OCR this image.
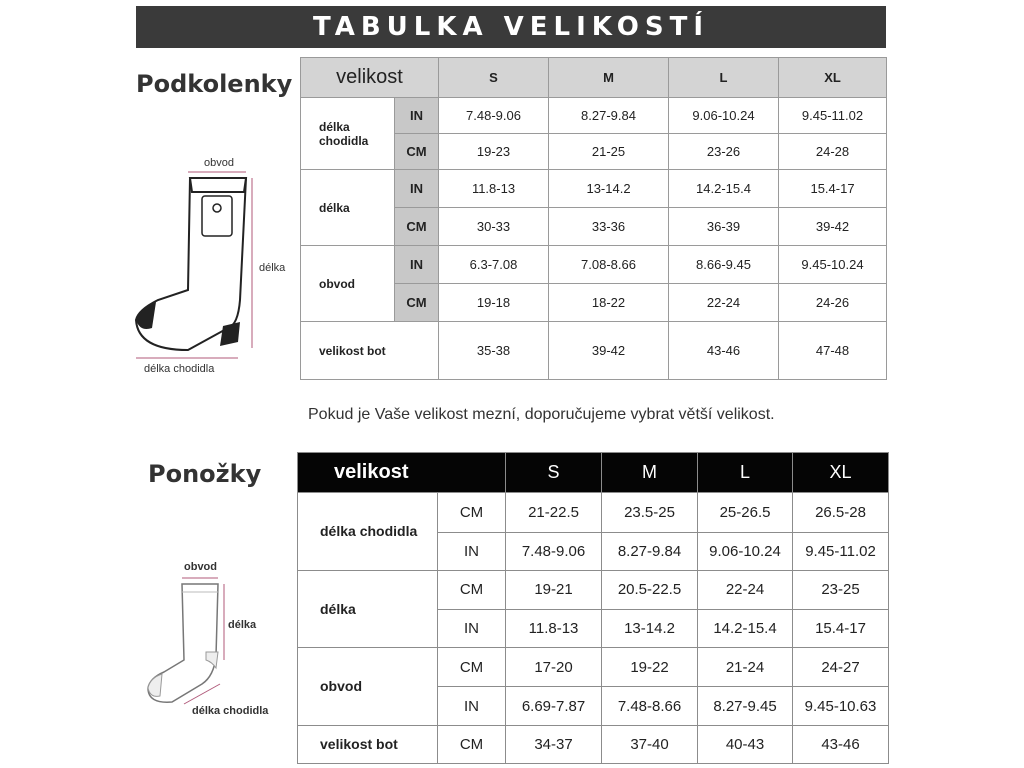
TABULKA VELIKOSTÍ
Podkolenky
obvod
délka
délka chodidla
velikost		S	M	L	XL
délka chodidla	IN	7.48-9.06	8.27-9.84	9.06-10.24	9.45-11.02
	CM	19-23	21-25	23-26	24-28
délka	IN	11.8-13	13-14.2	14.2-15.4	15.4-17
	CM	30-33	33-36	36-39	39-42
obvod	IN	6.3-7.08	7.08-8.66	8.66-9.45	9.45-10.24
	CM	19-18	18-22	22-24	24-26
velikost bot		35-38	39-42	43-46	47-48
Pokud je Vaše velikost mezní, doporučujeme vybrat větší velikost.
Ponožky
obvod
délka
délka chodidla
velikost		S	M	L	XL
délka chodidla	CM	21-22.5	23.5-25	25-26.5	26.5-28
	IN	7.48-9.06	8.27-9.84	9.06-10.24	9.45-11.02
délka	CM	19-21	20.5-22.5	22-24	23-25
	IN	11.8-13	13-14.2	14.2-15.4	15.4-17
obvod	CM	17-20	19-22	21-24	24-27
	IN	6.69-7.87	7.48-8.66	8.27-9.45	9.45-10.63
velikost bot	CM	34-37	37-40	40-43	43-46
